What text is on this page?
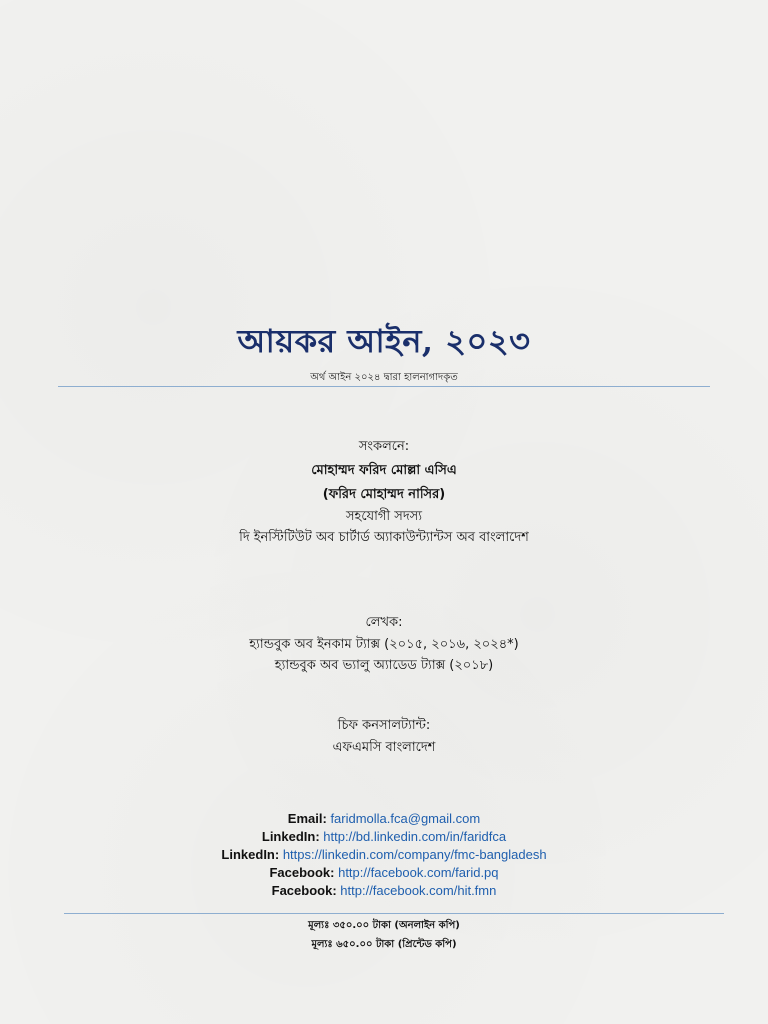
আয়কর আইন, ২০২৩
অর্থ আইন ২০২৪ দ্বারা হালনাগাদকৃত
সংকলনে:
মোহাম্মদ ফরিদ মোল্লা এসিএ
(ফরিদ মোহাম্মদ নাসির)
সহযোগী সদস্য
দি ইনস্টিটিউট অব চার্টার্ড অ্যাকাউন্ট্যান্টস অব বাংলাদেশ
লেখক:
হ্যান্ডবুক অব ইনকাম ট্যাক্স (২০১৫, ২০১৬, ২০২৪*)
হ্যান্ডবুক অব ভ্যালু অ্যাডেড ট্যাক্স (২০১৮)
চিফ কনসালট্যান্ট:
এফএমসি বাংলাদেশ
Email: faridmolla.fca@gmail.com
LinkedIn: http://bd.linkedin.com/in/faridfca
LinkedIn: https://linkedin.com/company/fmc-bangladesh
Facebook: http://facebook.com/farid.pq
Facebook: http://facebook.com/hit.fmn
মূল্যঃ ৩৫০.০০ টাকা (অনলাইন কপি)
মূল্যঃ ৬৫০.০০ টাকা (প্রিন্টেড কপি)
